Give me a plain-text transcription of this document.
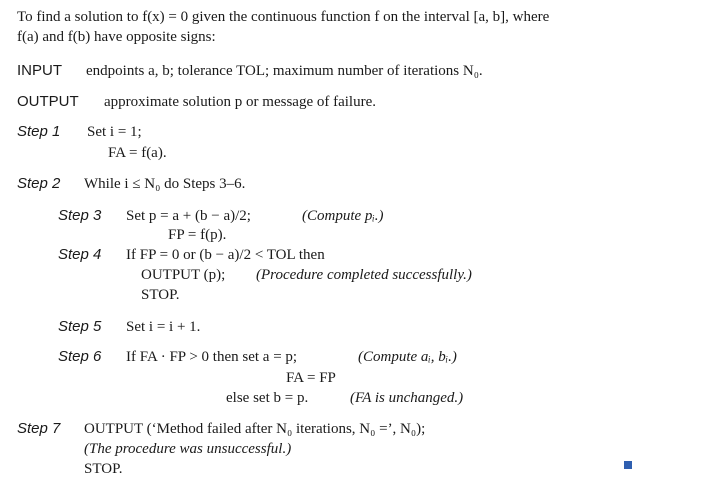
To find a solution to f(x) = 0 given the continuous function f on the interval [a, b], where
f(a) and f(b) have opposite signs:
INPUT endpoints a, b; tolerance TOL; maximum number of iterations N₀.
OUTPUT approximate solution p or message of failure.
Step 1 Set i = 1;
FA = f(a).
Step 2 While i ≤ N₀ do Steps 3–6.
Step 3 Set p = a + (b − a)/2;	(Compute pᵢ.)
FP = f(p).
Step 4 If FP = 0 or (b − a)/2 < TOL then
OUTPUT (p); (Procedure completed successfully.)
STOP.
Step 5 Set i = i + 1.
Step 6 If FA · FP > 0 then set a = p;	(Compute aᵢ, bᵢ.)
FA = FP
else set b = p.	(FA is unchanged.)
Step 7 OUTPUT (‘Method failed after N₀ iterations, N₀ =’, N₀);
(The procedure was unsuccessful.)
STOP.
